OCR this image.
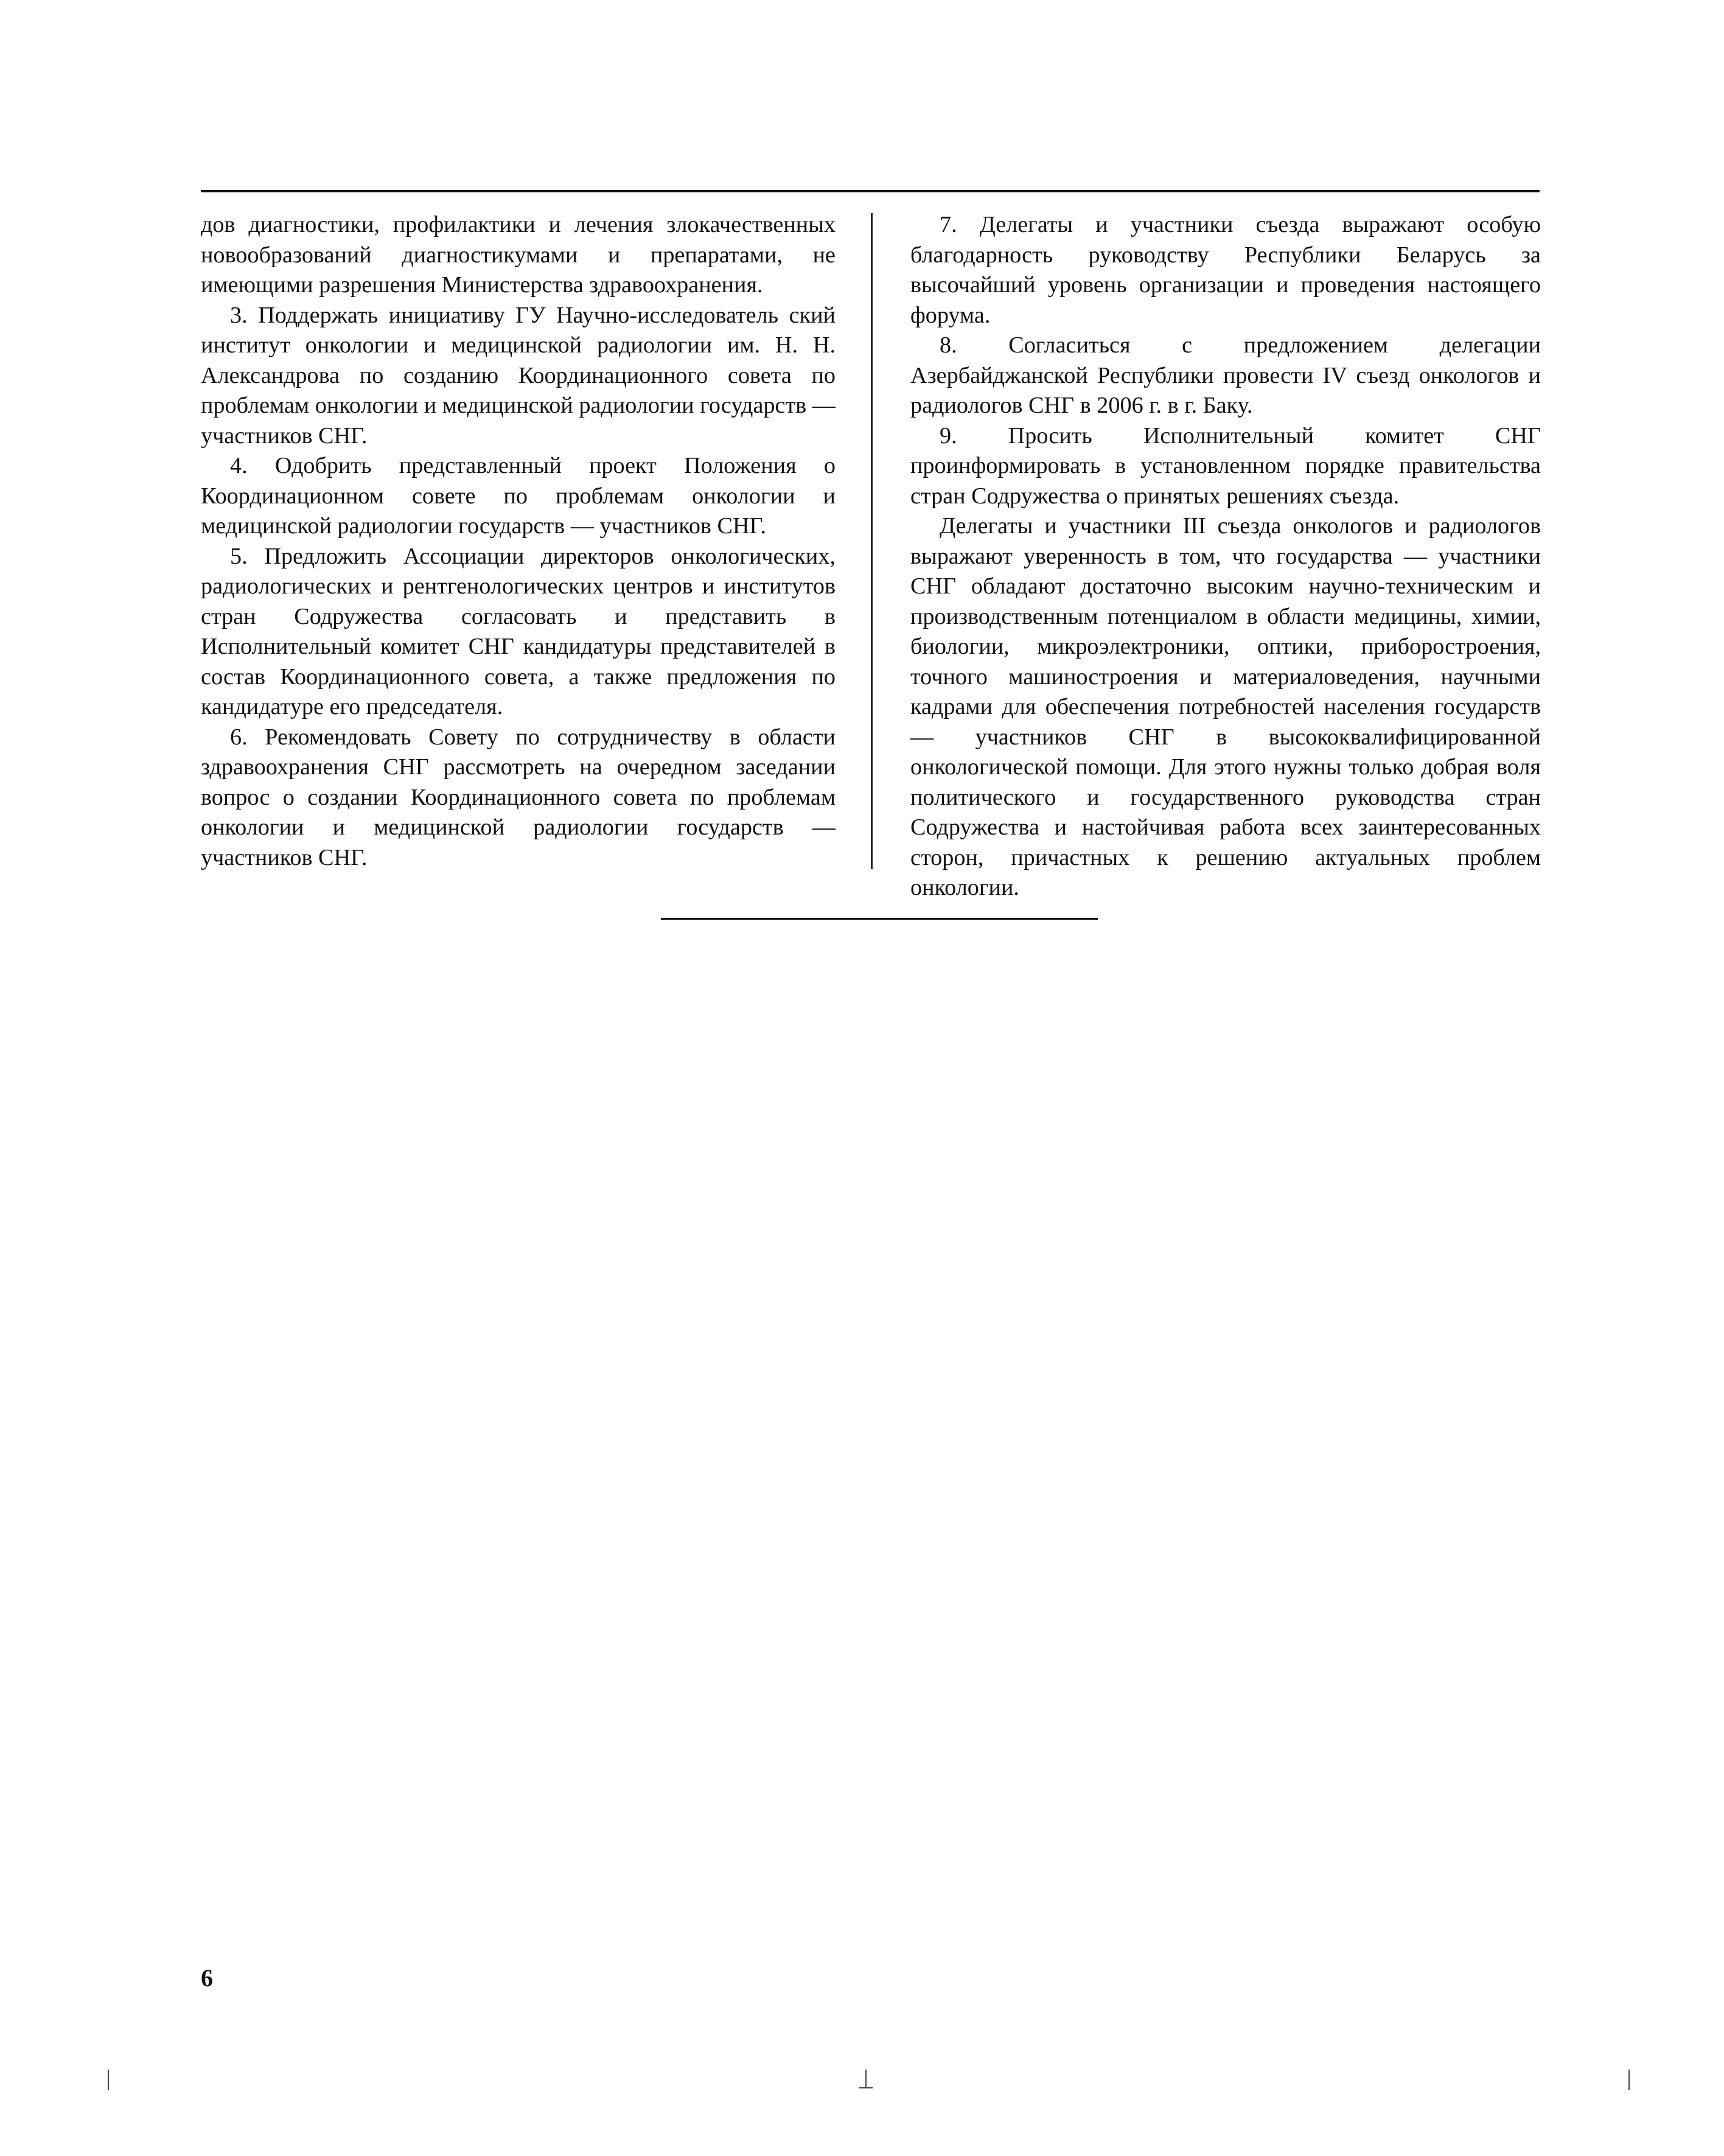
дов диагностики, профилактики и лечения злокачественных новообразований диагностикумами и препаратами, не имеющими разрешения Министерства здравоохранения.

3. Поддержать инициативу ГУ Научно-исследователь ский институт онкологии и медицинской радиологии им. Н. Н. Александрова по созданию Координационного совета по проблемам онкологии и медицинской радиологии государств — участников СНГ.

4. Одобрить представленный проект Положения о Координационном совете по проблемам онкологии и медицинской радиологии государств — участников СНГ.

5. Предложить Ассоциации директоров онкологических, радиологических и рентгенологических центров и институтов стран Содружества согласовать и представить в Исполнительный комитет СНГ кандидатуры представителей в состав Координационного совета, а также предложения по кандидатуре его председателя.

6. Рекомендовать Совету по сотрудничеству в области здравоохранения СНГ рассмотреть на очередном заседании вопрос о создании Координационного совета по проблемам онкологии и медицинской радиологии государств — участников СНГ.

7. Делегаты и участники съезда выражают особую благодарность руководству Республики Беларусь за высочайший уровень организации и проведения настоящего форума.

8. Согласиться с предложением делегации Азербайджанской Республики провести IV съезд онкологов и радиологов СНГ в 2006 г. в г. Баку.

9. Просить Исполнительный комитет СНГ проинформировать в установленном порядке правительства стран Содружества о принятых решениях съезда.

Делегаты и участники III съезда онкологов и радиологов выражают уверенность в том, что государства — участники СНГ обладают достаточно высоким научно-техническим и производственным потенциалом в области медицины, химии, биологии, микроэлектроники, оптики, приборостроения, точного машиностроения и материаловедения, научными кадрами для обеспечения потребностей населения государств — участников СНГ в высококвалифицированной онкологической помощи. Для этого нужны только добрая воля политического и государственного руководства стран Содружества и настойчивая работа всех заинтересованных сторон, причастных к решению актуальных проблем онкологии.

6
